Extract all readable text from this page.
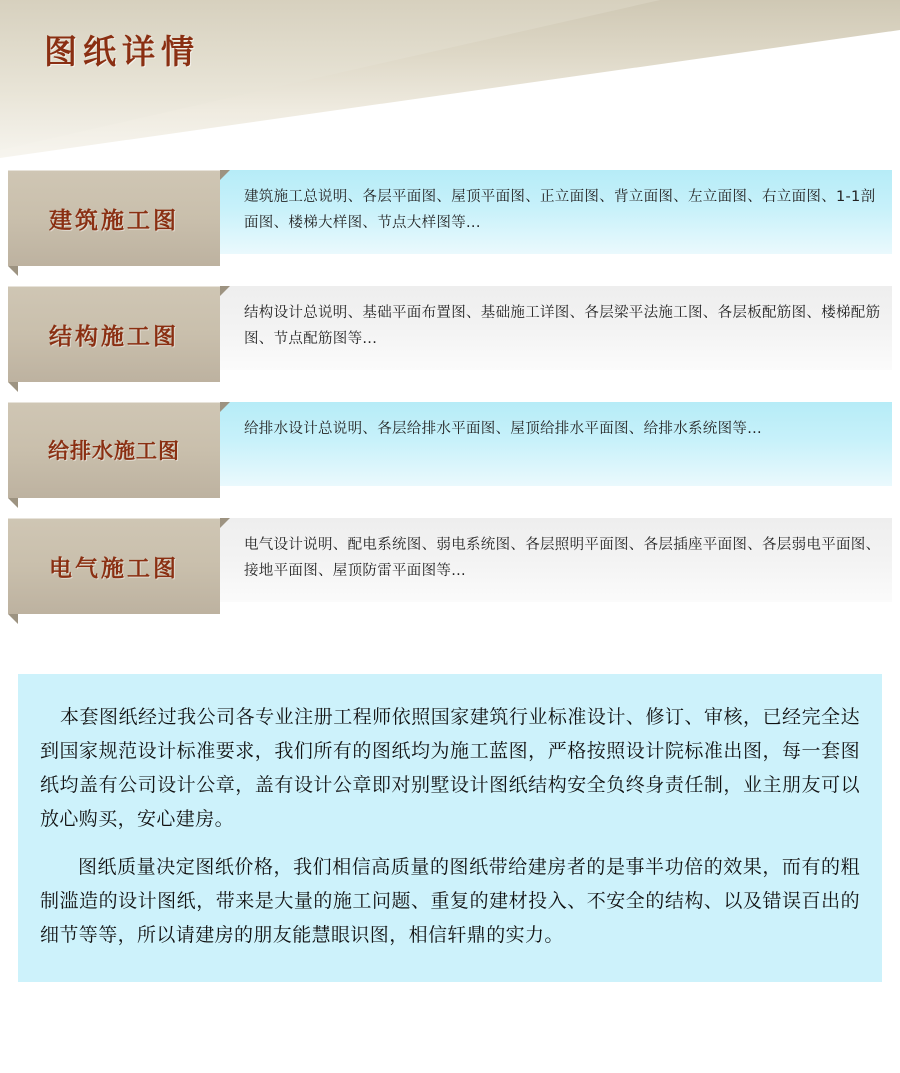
图纸详情
建筑施工总说明、各层平面图、屋顶平面图、正立面图、背立面图、左立面图、右立面图、1-1剖面图、楼梯大样图、节点大样图等...
建筑施工图
结构设计总说明、基础平面布置图、基础施工详图、各层梁平法施工图、各层板配筋图、楼梯配筋图、节点配筋图等...
结构施工图
给排水设计总说明、各层给排水平面图、屋顶给排水平面图、给排水系统图等...
给排水施工图
电气设计说明、配电系统图、弱电系统图、各层照明平面图、各层插座平面图、各层弱电平面图、接地平面图、屋顶防雷平面图等...
电气施工图

本套图纸经过我公司各专业注册工程师依照国家建筑行业标准设计、修订、审核，已经完全达到国家规范设计标准要求，我们所有的图纸均为施工蓝图，严格按照设计院标准出图，每一套图纸均盖有公司设计公章，盖有设计公章即对别墅设计图纸结构安全负终身责任制，业主朋友可以放心购买，安心建房。

图纸质量决定图纸价格，我们相信高质量的图纸带给建房者的是事半功倍的效果，而有的粗制滥造的设计图纸，带来是大量的施工问题、重复的建材投入、不安全的结构、以及错误百出的细节等等，所以请建房的朋友能慧眼识图，相信轩鼎的实力。
